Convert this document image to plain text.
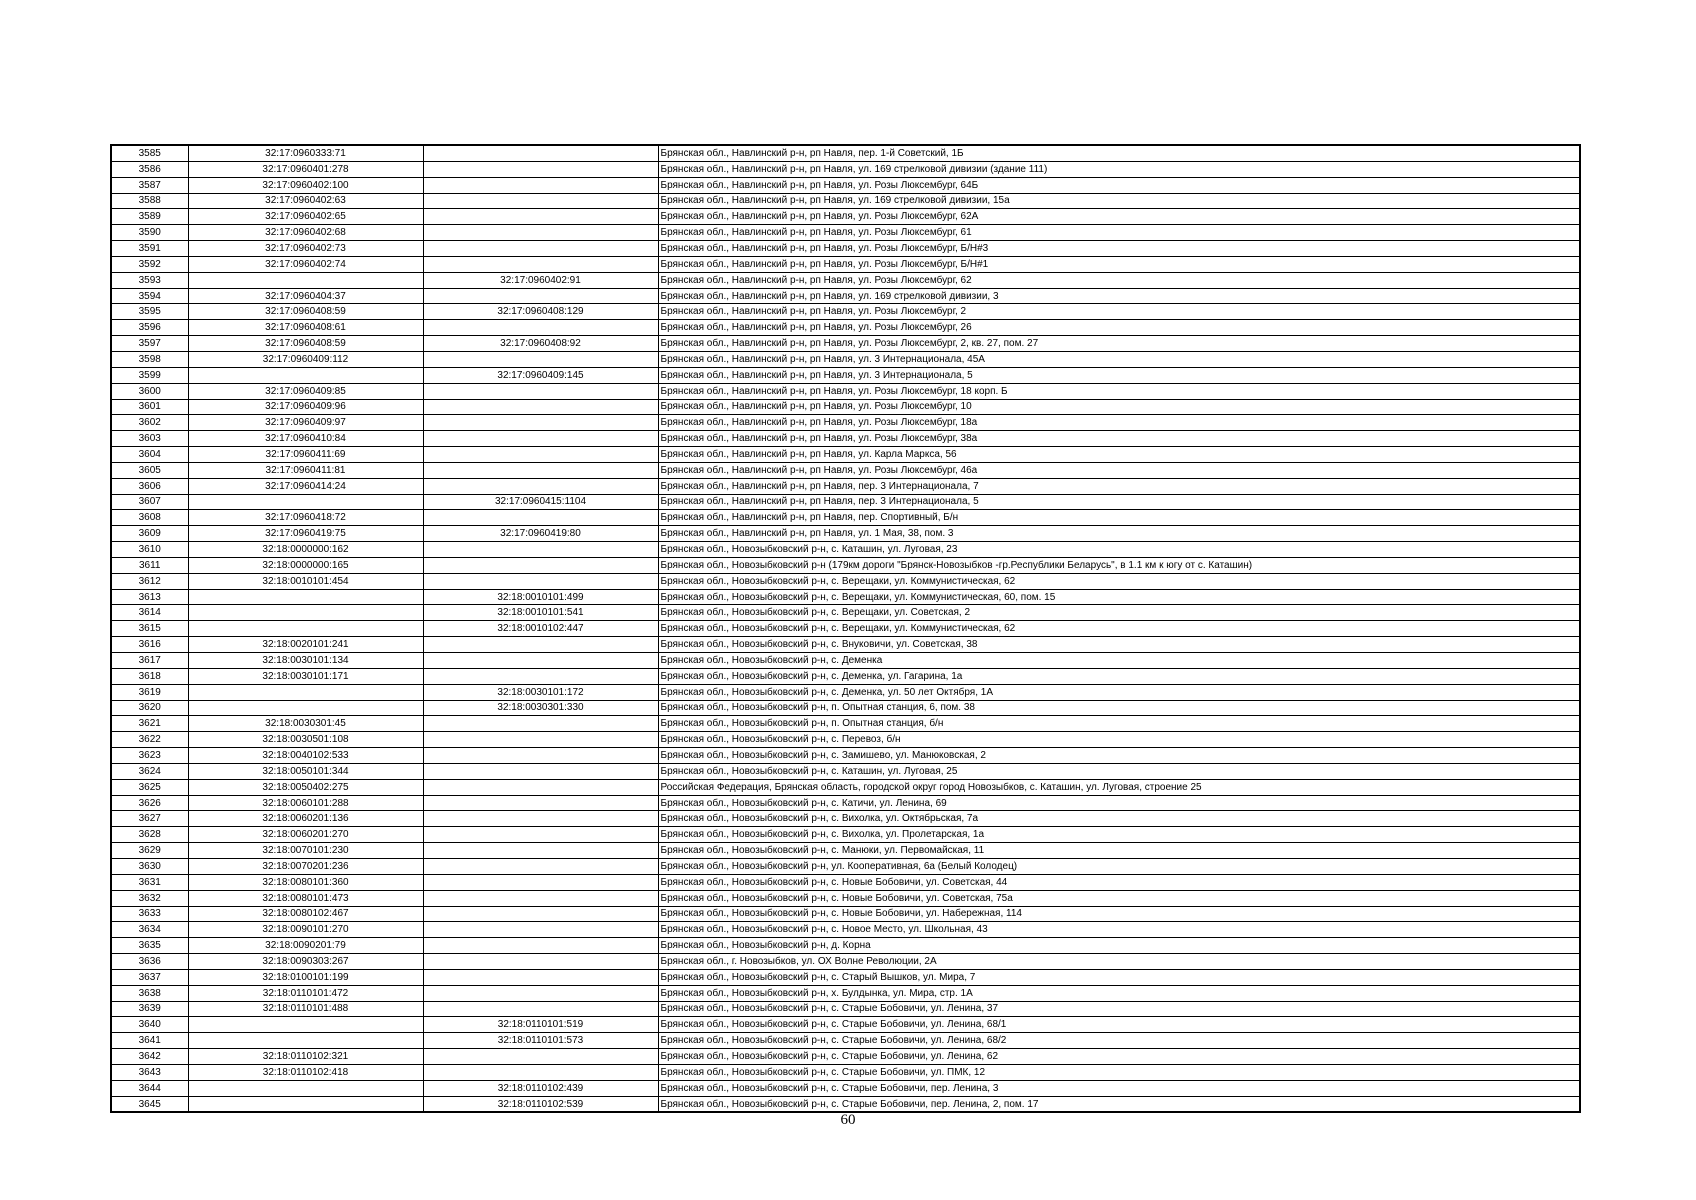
3585	32:17:0960333:71		Брянская обл., Навлинский р-н, рп Навля, пер. 1-й Советский, 1Б
3586	32:17:0960401:278		Брянская обл., Навлинский р-н, рп Навля, ул. 169 стрелковой дивизии (здание 111)
3587	32:17:0960402:100		Брянская обл., Навлинский р-н, рп Навля, ул. Розы Люксембург, 64Б
3588	32:17:0960402:63		Брянская обл., Навлинский р-н, рп Навля, ул. 169 стрелковой дивизии, 15а
3589	32:17:0960402:65		Брянская обл., Навлинский р-н, рп Навля, ул. Розы Люксембург, 62А
3590	32:17:0960402:68		Брянская обл., Навлинский р-н, рп Навля, ул. Розы Люксембург, 61
3591	32:17:0960402:73		Брянская обл., Навлинский р-н, рп Навля, ул. Розы Люксембург, Б/Н#3
3592	32:17:0960402:74		Брянская обл., Навлинский р-н, рп Навля, ул. Розы Люксембург, Б/Н#1
3593		32:17:0960402:91	Брянская обл., Навлинский р-н, рп Навля, ул. Розы Люксембург, 62
3594	32:17:0960404:37		Брянская обл., Навлинский р-н, рп Навля, ул. 169 стрелковой дивизии, 3
3595	32:17:0960408:59	32:17:0960408:129	Брянская обл., Навлинский р-н, рп Навля, ул. Розы Люксембург, 2
3596	32:17:0960408:61		Брянская обл., Навлинский р-н, рп Навля, ул. Розы Люксембург, 26
3597	32:17:0960408:59	32:17:0960408:92	Брянская обл., Навлинский р-н, рп Навля, ул. Розы Люксембург, 2, кв. 27, пом. 27
3598	32:17:0960409:112		Брянская обл., Навлинский р-н, рп Навля, ул. 3 Интернационала, 45А
3599		32:17:0960409:145	Брянская обл., Навлинский р-н, рп Навля, ул. 3 Интернационала, 5
3600	32:17:0960409:85		Брянская обл., Навлинский р-н, рп Навля, ул. Розы Люксембург, 18 корп. Б
3601	32:17:0960409:96		Брянская обл., Навлинский р-н, рп Навля, ул. Розы Люксембург, 10
3602	32:17:0960409:97		Брянская обл., Навлинский р-н, рп Навля, ул. Розы Люксембург, 18а
3603	32:17:0960410:84		Брянская обл., Навлинский р-н, рп Навля, ул. Розы Люксембург, 38а
3604	32:17:0960411:69		Брянская обл., Навлинский р-н, рп Навля, ул. Карла Маркса, 56
3605	32:17:0960411:81		Брянская обл., Навлинский р-н, рп Навля, ул. Розы Люксембург, 46а
3606	32:17:0960414:24		Брянская обл., Навлинский р-н, рп Навля, пер. 3 Интернационала, 7
3607		32:17:0960415:1104	Брянская обл., Навлинский р-н, рп Навля, пер. 3 Интернационала, 5
3608	32:17:0960418:72		Брянская обл., Навлинский р-н, рп Навля, пер. Спортивный, Б/н
3609	32:17:0960419:75	32:17:0960419:80	Брянская обл., Навлинский р-н, рп Навля, ул. 1 Мая, 38, пом. 3
3610	32:18:0000000:162		Брянская обл., Новозыбковский р-н, с. Каташин, ул. Луговая, 23
3611	32:18:0000000:165		Брянская обл., Новозыбковский р-н (179км дороги "Брянск-Новозыбков -гр.Республики Беларусь", в 1.1 км к югу от с. Каташин)
3612	32:18:0010101:454		Брянская обл., Новозыбковский р-н, с. Верещаки, ул. Коммунистическая, 62
3613		32:18:0010101:499	Брянская обл., Новозыбковский р-н, с. Верещаки, ул. Коммунистическая, 60, пом. 15
3614		32:18:0010101:541	Брянская обл., Новозыбковский р-н, с. Верещаки, ул. Советская, 2
3615		32:18:0010102:447	Брянская обл., Новозыбковский р-н, с. Верещаки, ул. Коммунистическая, 62
3616	32:18:0020101:241		Брянская обл., Новозыбковский р-н, с. Внуковичи, ул. Советская, 38
3617	32:18:0030101:134		Брянская обл., Новозыбковский р-н, с. Деменка
3618	32:18:0030101:171		Брянская обл., Новозыбковский р-н, с. Деменка, ул. Гагарина, 1а
3619		32:18:0030101:172	Брянская обл., Новозыбковский р-н, с. Деменка, ул. 50 лет Октября, 1А
3620		32:18:0030301:330	Брянская обл., Новозыбковский р-н, п. Опытная станция, 6, пом. 38
3621	32:18:0030301:45		Брянская обл., Новозыбковский р-н, п. Опытная станция, б/н
3622	32:18:0030501:108		Брянская обл., Новозыбковский р-н, с. Перевоз, б/н
3623	32:18:0040102:533		Брянская обл., Новозыбковский р-н, с. Замишево, ул. Манюковская, 2
3624	32:18:0050101:344		Брянская обл., Новозыбковский р-н, с. Каташин, ул. Луговая, 25
3625	32:18:0050402:275		Российская Федерация, Брянская область, городской округ город Новозыбков, с. Каташин, ул. Луговая, строение 25
3626	32:18:0060101:288		Брянская обл., Новозыбковский р-н, с. Катичи, ул. Ленина, 69
3627	32:18:0060201:136		Брянская обл., Новозыбковский р-н, с. Вихолка, ул. Октябрьская, 7а
3628	32:18:0060201:270		Брянская обл., Новозыбковский р-н, с. Вихолка, ул. Пролетарская, 1а
3629	32:18:0070101:230		Брянская обл., Новозыбковский р-н, с. Манюки, ул. Первомайская, 11
3630	32:18:0070201:236		Брянская обл., Новозыбковский р-н, ул. Кооперативная, 6а (Белый Колодец)
3631	32:18:0080101:360		Брянская обл., Новозыбковский р-н, с. Новые Бобовичи, ул. Советская, 44
3632	32:18:0080101:473		Брянская обл., Новозыбковский р-н, с. Новые Бобовичи, ул. Советская, 75а
3633	32:18:0080102:467		Брянская обл., Новозыбковский р-н, с. Новые Бобовичи, ул. Набережная, 114
3634	32:18:0090101:270		Брянская обл., Новозыбковский р-н, с. Новое Место, ул. Школьная, 43
3635	32:18:0090201:79		Брянская обл., Новозыбковский р-н, д. Корна
3636	32:18:0090303:267		Брянская обл., г. Новозыбков, ул. ОХ Волне Революции, 2А
3637	32:18:0100101:199		Брянская обл., Новозыбковский р-н, с. Старый Вышков, ул. Мира, 7
3638	32:18:0110101:472		Брянская обл., Новозыбковский р-н, х. Булдынка, ул. Мира, стр. 1А
3639	32:18:0110101:488		Брянская обл., Новозыбковский р-н, с. Старые Бобовичи, ул. Ленина, 37
3640		32:18:0110101:519	Брянская обл., Новозыбковский р-н, с. Старые Бобовичи, ул. Ленина, 68/1
3641		32:18:0110101:573	Брянская обл., Новозыбковский р-н, с. Старые Бобовичи, ул. Ленина, 68/2
3642	32:18:0110102:321		Брянская обл., Новозыбковский р-н, с. Старые Бобовичи, ул. Ленина, 62
3643	32:18:0110102:418		Брянская обл., Новозыбковский р-н, с. Старые Бобовичи, ул. ПМК, 12
3644		32:18:0110102:439	Брянская обл., Новозыбковский р-н, с. Старые Бобовичи, пер. Ленина, 3
3645		32:18:0110102:539	Брянская обл., Новозыбковский р-н, с. Старые Бобовичи, пер. Ленина, 2, пом. 17
60
